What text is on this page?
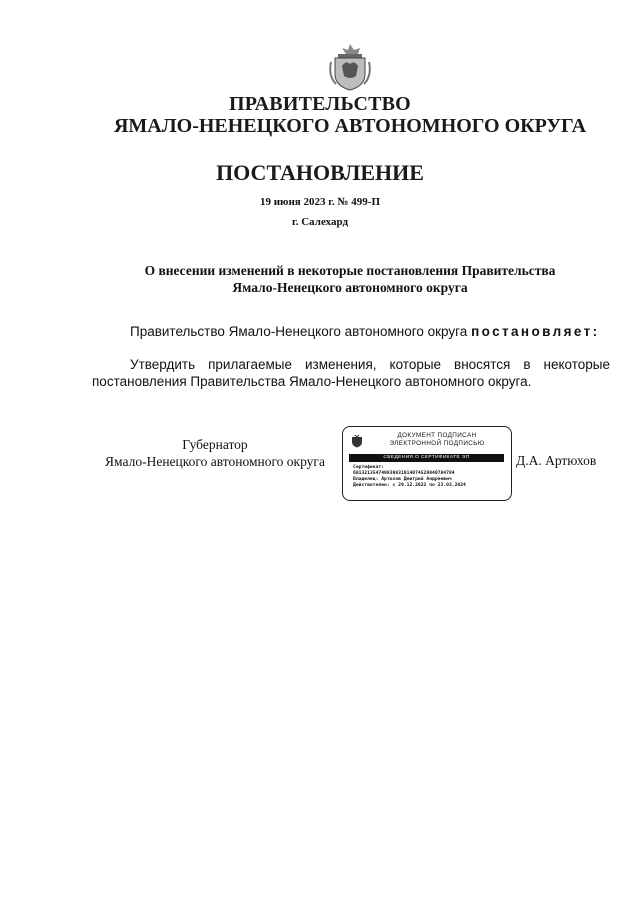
ПРАВИТЕЛЬСТВО
ЯМАЛО-НЕНЕЦКОГО АВТОНОМНОГО ОКРУГА
ПОСТАНОВЛЕНИЕ
19 июня 2023 г. № 499-П
г. Салехард
О внесении изменений в некоторые постановления Правительства
Ямало-Ненецкого автономного округа
Правительство Ямало-Ненецкого автономного округа постановляет:
Утвердить прилагаемые изменения, которые вносятся в некоторые постановления Правительства Ямало-Ненецкого автономного округа.
Губернатор
Ямало-Ненецкого автономного округа
ДОКУМЕНТ ПОДПИСАН
ЭЛЕКТРОННОЙ ПОДПИСЬЮ
СВЕДЕНИЯ О СЕРТИФИКАТЕ ЭП
Сертификат:
601321354749839831914074529840784784
Владелец: Артюхов Дмитрий Андреевич
Действителен: с 29.12.2022 по 23.03.2024
Д.А. Артюхов
